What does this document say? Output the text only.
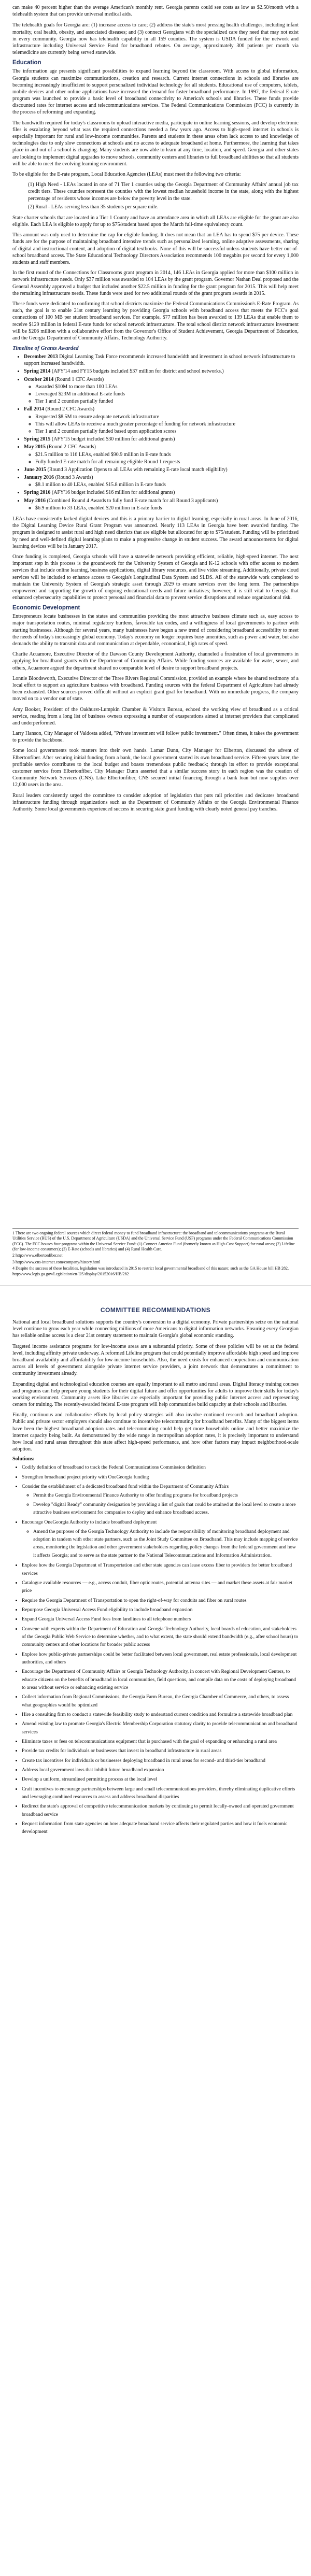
can make 40 percent higher than the average American's monthly rent. Georgia parents could see costs as low as $2.50/month with a telehealth system that can provide universal medical aids.

The telehealth goals for Georgia are: (1) increase access to care; (2) address the state's most pressing health challenges, including infant mortality, oral health, obesity, and associated diseases; and (3) connect Georgians with the specialized care they need that may not exist in every community. Georgia now has telehealth capability in all 159 counties. The system is USDA funded for the network and infrastructure including Universal Service Fund for broadband rebates. On average, approximately 300 patients per month via telemedicine are currently being served statewide.

Education

The information age presents significant possibilities to expand learning beyond the classroom. With access to global information, Georgia students can maximize communications, creation and research. Current internet connections in schools and libraries are becoming increasingly insufficient to support personalized individual technology for all students. Educational use of computers, tablets, mobile devices and other online applications have increased the demand for faster broadband performance. In 1997, the federal E-rate program was launched to provide a basic level of broadband connectivity to America's schools and libraries. These funds provide discounted rates for internet access and telecommunications services. The Federal Communications Commission (FCC) is currently in the process of reforming and expanding.

The bandwidth required for today's classrooms to upload interactive media, participate in online learning sessions, and develop electronic files is escalating beyond what was the required connections needed a few years ago. Access to high-speed internet in schools is especially important for rural and low-income communities. Parents and students in these areas often lack access to and knowledge of technologies due to only slow connections at schools and no access to adequate broadband at home. Furthermore, the learning that takes place in and out of a school is changing. Many students are now able to learn at any time, location, and speed. Georgia and other states are looking to implement digital upgrades to move schools, community centers and libraries to full broadband abilities so that all students will be able to meet the evolving learning environment.

To be eligible for the E-rate program, Local Education Agencies (LEAs) must meet the following two criteria:

(1) High Need - LEAs located in one of 71 Tier 1 counties using the Georgia Department of Community Affairs' annual job tax credit tiers. These counties represent the counties with the lowest median household income in the state, along with the highest percentage of residents whose incomes are below the poverty level in the state.
(2) Rural - LEAs serving less than 35 students per square mile.

State charter schools that are located in a Tier 1 County and have an attendance area in which all LEAs are eligible for the grant are also eligible. Each LEA is eligible to apply for up to $75/student based upon the March full-time equivalency count.

This amount was only used to determine the cap for eligible funding. It does not mean that an LEA has to spend $75 per device. These funds are for the purpose of maintaining broadband intensive trends such as personalized learning, online adaptive assessments, sharing of digital and instructional content, and adoption of digital textbooks. None of this will be successful unless students have better out-of-school broadband access. The State Educational Technology Directors Association recommends 100 megabits per second for every 1,000 students and staff members.

In the first round of the Connections for Classrooms grant program in 2014, 146 LEAs in Georgia applied for more than $100 million in network infrastructure needs. Only $37 million was awarded to 104 LEAs by the grant program. Governor Nathan Deal proposed and the General Assembly approved a budget that included another $22.5 million in funding for the grant program for 2015. This will help meet the remaining infrastructure needs. These funds were used for two additional rounds of the grant program awards in 2015.

These funds were dedicated to confirming that school districts maximize the Federal Communications Commission's E-Rate Program. As such, the goal is to enable 21st century learning by providing Georgia schools with broadband access that meets the FCC's goal connections of 100 MB per student broadband services. For example, $77 million has been awarded to 139 LEAs that enable them to receive $129 million in federal E-rate funds for school network infrastructure. The total school district network infrastructure investment will be $206 million with a collaborative effort from the Governor's Office of Student Achievement, Georgia Department of Education, and the Georgia Department of Community Affairs, Technology Authority.

Timeline of Grants Awarded
• December 2013 Digital Learning Task Force recommends increased bandwidth and investment in school network infrastructure to support increased bandwidth.
• Spring 2014 (AFY'14 and FY15 budgets included $37 million for district and school networks.)
• October 2014 (Round 1 CFC Awards)
◦ Awarded $10M to more than 100 LEAs
◦ Leveraged $23M in additional E-rate funds
◦ Tier 1 and 2 counties partially funded
• Fall 2014 (Round 2 CFC Awards)
◦ Requested $8.5M to ensure adequate network infrastructure
◦ This will allow LEAs to receive a much greater percentage of funding for network infrastructure
◦ Tier 1 and 2 counties partially funded based upon application scores
• Spring 2015 (AFY'15 budget included $30 million for additional grants)
• May 2015 (Round 2 CFC Awards)
◦ $21.5 million to 116 LEAs, enabled $90.9 million in E-rate funds
◦ Fully funded E-rate match for all remaining eligible Round 1 requests
• June 2015 (Round 3 Application Opens to all LEAs with remaining E-rate local match eligibility)
• January 2016 (Round 3 Awards)
◦ $8.1 million to 40 LEAs, enabled $15.8 million in E-rate funds
• Spring 2016 (AFY'16 budget included $16 million for additional grants)
• May 2016 (Combined Round 4 Awards to fully fund E-rate match for all Round 3 applicants)
◦ $6.9 million to 33 LEAs, enabled $20 million in E-rate funds

LEAs have consistently lacked digital devices and this is a primary barrier to digital learning, especially in rural areas. In June of 2016, the Digital Learning Device Rural Grant Program was announced. Nearly 113 LEAs in Georgia have been awarded funding. The program is designed to assist rural and high need districts that are eligible but allocated for up to $75/student. Funding will be prioritized by need and well-defined digital learning plans to make a progressive change in student success. The award announcements for digital learning devices will be in January 2017.

Once funding is completed, Georgia schools will have a statewide network providing efficient, reliable, high-speed internet. The next important step in this process is the groundwork for the University System of Georgia and K-12 schools with offer access to modern services that include online learning, business applications, digital library resources, and live video streaming. Additionally, private cloud services will be included to enhance access to Georgia's Longitudinal Data System and SLDS. All of the statewide work completed to maintain the University System of Georgia's strategic asset through 2029 to ensure services over the long term. The partnerships empowered and supporting the growth of ongoing educational needs and future initiatives; however, it is still vital to Georgia that enhanced cybersecurity capabilities to protect personal and financial data to prevent service disruptions and reduce organizational risk.

Economic Development

Entrepreneurs locate businesses in the states and communities providing the most attractive business climate such as, easy access to major transportation routes, minimal regulatory burdens, favorable tax codes, and a willingness of local governments to partner with starting businesses. Although for several years, many businesses have begun a new trend of considering broadband accessibility to meet the needs of today's increasingly global economy. Today's economy no longer requires busy amenities, such as power and water, but also demands the ability to transmit data and communication at dependable, economical, high rates of speed.

Charlie Acuamore, Executive Director of the Dawson County Development Authority, channeled a frustration of local governments in applying for broadband grants with the Department of Community Affairs. While funding sources are available for water, sewer, and others, Acuamore argued the department shared no comparable level of desire to support broadband projects.

Lonnie Bloodsworth, Executive Director of the Three Rivers Regional Commission, provided an example where he shared testimony of a local effort to support an agriculture business with broadband. Funding sources with the federal Department of Agriculture had already been exhausted. Other sources proved difficult without an explicit grant goal for broadband. With no immediate progress, the company moved on to a vendor out of state.

Amy Booker, President of the Oakhurst-Lumpkin Chamber & Visitors Bureau, echoed the working view of broadband as a critical service, reading from a long list of business owners expressing a number of exasperations aimed at internet providers that complicated and underperformed.

Larry Hanson, City Manager of Valdosta added, "Private investment will follow public investment." Often times, it takes the government to provide the backbone.

Some local governments took matters into their own hands. Lamar Dunn, City Manager for Elberton, discussed the advent of Elbertonfiber. After securing initial funding from a bank, the local government started its own broadband service. Fifteen years later, the profitable service contributes to the local budget and boasts tremendous public feedback; through its effort to provide exceptional customer service from Elbertonfiber. City Manager Dunn asserted that a similar success story in each region was the creation of Community Network Services (CNS). Like Elbertonfiber, CNS secured initial financing through a bank loan but now supplies over 12,000 users in the area.

Rural leaders consistently urged the committee to consider adoption of legislation that puts rail priorities and dedicates broadband infrastructure funding through organizations such as the Department of Community Affairs or the Georgia Environmental Finance Authority. Some local governments experienced success in securing state grant funding with clearly noted general pay tranches.

1 There are two ongoing federal sources which direct federal money to fund broadband infrastructure: the broadband and telecommunications programs at the Rural Utilities Service (RUS) of the U.S. Department of Agriculture (USDA) and the Universal Service Fund (USF) programs under the Federal Communications Commission (FCC). The FCC houses four programs within the Universal Service Fund: (1) Connect America Fund (formerly known as High-Cost Support) for rural areas; (2) Lifeline (for low-income consumers); (3) E-Rate (schools and libraries) and (4) Rural Health Care.

2 http://www.elbertonfiber.net

3 http://www.cns-internet.com/company/history.html

4 Despite the success of these localities, legislation was introduced in 2015 to restrict local governmental broadband of this nature; such as the GA House bill HB 282, http://www.legis.ga.gov/Legislation/en-US/display/20152016/HB/282

COMMITTEE RECOMMENDATIONS

National and local broadband solutions supports the country's conversion to a digital economy. Private partnerships seize on the national level continue to grow each year while connecting millions of more Americans to digital information networks. Ensuring every Georgian has reliable online access is a clear 21st century statement to maintain Georgia's global economic standing.

Targeted income assistance programs for low-income areas are a substantial priority. Some of these policies will be set at the federal level, including affinity private underway. A reformed Lifeline program that could potentially improve affordable high speed and improve broadband availability and affordability for low-income households. Also, the need exists for enhanced cooperation and communication across all levels of government alongside private internet service providers, a joint network that demonstrates a commitment to community investment already.

Expanding digital and technological education courses are equally important to all metro and rural areas. Digital literacy training courses and programs can help prepare young students for their digital future and offer opportunities for adults to improve their skills for today's working environment. Community assets like libraries are especially important for providing public Internet access and representing centers for training. The recently-awarded federal E-rate program will help communities build capacity at their schools and libraries.

Finally, continuous and collaborative efforts by local policy strategies will also involve continued research and broadband adoption. Public and private sector employers should also continue to incentivize telecommuting for broadband benefits. Many of the biggest items have been the highest broadband adoption rates and telecommuting could help get more households online and better maximize the internet capacity being built. As demonstrated by the wide range in metropolitan adoption rates, it is precisely important to understand how local and rural areas throughout this state affect high-speed performance, and how other factors may impact neighborhood-scale adoption.

Solutions:
• Codify definition of broadband to track the Federal Communications Commission definition
• Strengthen broadband project priority with OneGeorgia funding
• Consider the establishment of a dedicated broadband fund within the Department of Community Affairs
◦ Permit the Georgia Environmental Finance Authority to offer funding programs for broadband projects
◦ Develop "digital Ready" community designation by providing a list of goals that could be attained at the local level to create a more attractive business environment for companies to deploy and enhance broadband access.
• Encourage OneGeorgia Authority to include broadband deployment
◦ Amend the purposes of the Georgia Technology Authority to include the responsibility of monitoring broadband deployment and adoption in tandem with other state partners, such as the Joint Study Committee on Broadband. This may include mapping of service areas, monitoring the legislation and other government stakeholders regarding policy changes from the federal government and how it affects Georgia; and to serve as the state partner to the National Telecommunications and Information Administration.
• Explore how the Georgia Department of Transportation and other state agencies can lease excess fiber to providers for better broadband services
• Catalogue available resources — e.g., access conduit, fiber optic routes, potential antenna sites — and market these assets at fair market price
• Require the Georgia Department of Transportation to open the right-of-way for conduits and fiber on rural routes
• Repurpose Georgia Universal Access Fund eligibility to include broadband expansion
• Expand Georgia Universal Access Fund fees from landlines to all telephone numbers
• Convene with experts within the Department of Education and Georgia Technology Authority, local boards of education, and stakeholders of the Georgia Public Web Service to determine whether, and to what extent, the state should extend bandwidth (e.g., after school hours) to community centers and other locations for broader public access
• Explore how public-private partnerships could be better facilitated between local government, real estate professionals, local development authorities, and others
• Encourage the Department of Community Affairs or Georgia Technology Authority, in concert with Regional Development Centers, to educate citizens on the benefits of broadband in local communities, field questions, and compile data on the costs of deploying broadband to areas without service or enhancing existing service
• Collect information from Regional Commissions, the Georgia Farm Bureau, the Georgia Chamber of Commerce, and others, to assess what geographies would be optimized
• Hire a consulting firm to conduct a statewide feasibility study to understand current condition and formulate a statewide broadband plan
• Amend existing law to promote Georgia's Electric Membership Corporation statutory clarity to provide telecommunication and broadband services
• Eliminate taxes or fees on telecommunications equipment that is purchased with the goal of expanding or enhancing a rural area
• Provide tax credits for individuals or businesses that invest in broadband infrastructure in rural areas
• Create tax incentives for individuals or businesses deploying broadband in rural areas for second- and third-tier broadband
• Address local government laws that inhibit future broadband expansion
• Develop a uniform, streamlined permitting process at the local level
• Craft incentives to encourage partnerships between large and small telecommunications providers, thereby eliminating duplicative efforts and leveraging combined resources to assess and address broadband disparities
• Redirect the state's approval of competitive telecommunication markets by continuing to permit locally-owned and operated government broadband service
• Request information from state agencies on how adequate broadband service affects their regulated parties and how it fuels economic development
